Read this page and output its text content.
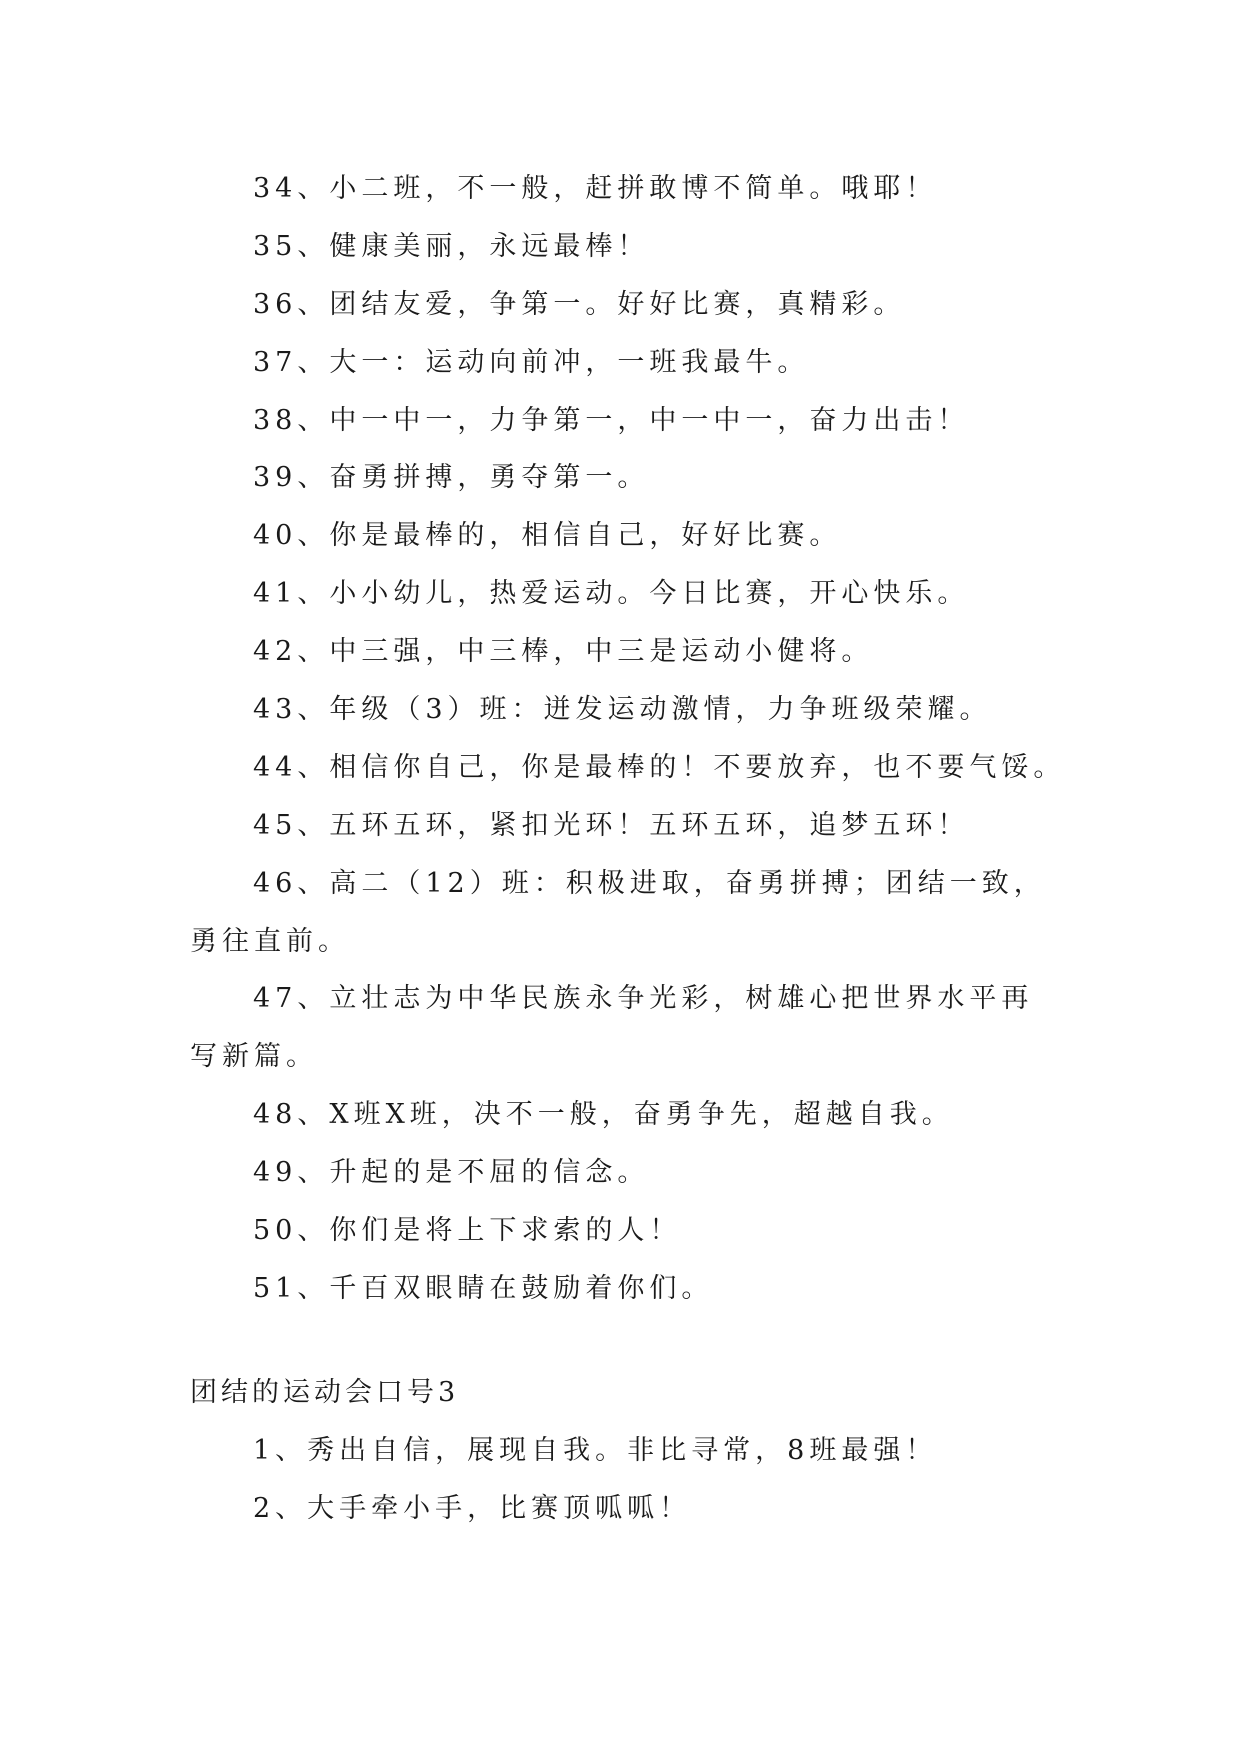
34、小二班，不一般，赶拼敢博不简单。哦耶！
35、健康美丽，永远最棒！
36、团结友爱，争第一。好好比赛，真精彩。
37、大一：运动向前冲，一班我最牛。
38、中一中一，力争第一，中一中一，奋力出击！
39、奋勇拼搏，勇夺第一。
40、你是最棒的，相信自己，好好比赛。
41、小小幼儿，热爱运动。今日比赛，开心快乐。
42、中三强，中三棒，中三是运动小健将。
43、年级（3）班：迸发运动激情，力争班级荣耀。
44、相信你自己，你是最棒的！不要放弃，也不要气馁。
45、五环五环，紧扣光环！五环五环，追梦五环！
46、高二（12）班：积极进取，奋勇拼搏；团结一致，
勇往直前。
47、立壮志为中华民族永争光彩，树雄心把世界水平再
写新篇。
48、X班X班，决不一般，奋勇争先，超越自我。
49、升起的是不屈的信念。
50、你们是将上下求索的人！
51、千百双眼睛在鼓励着你们。
团结的运动会口号3
1、秀出自信，展现自我。非比寻常，8班最强！
2、大手牵小手，比赛顶呱呱！
